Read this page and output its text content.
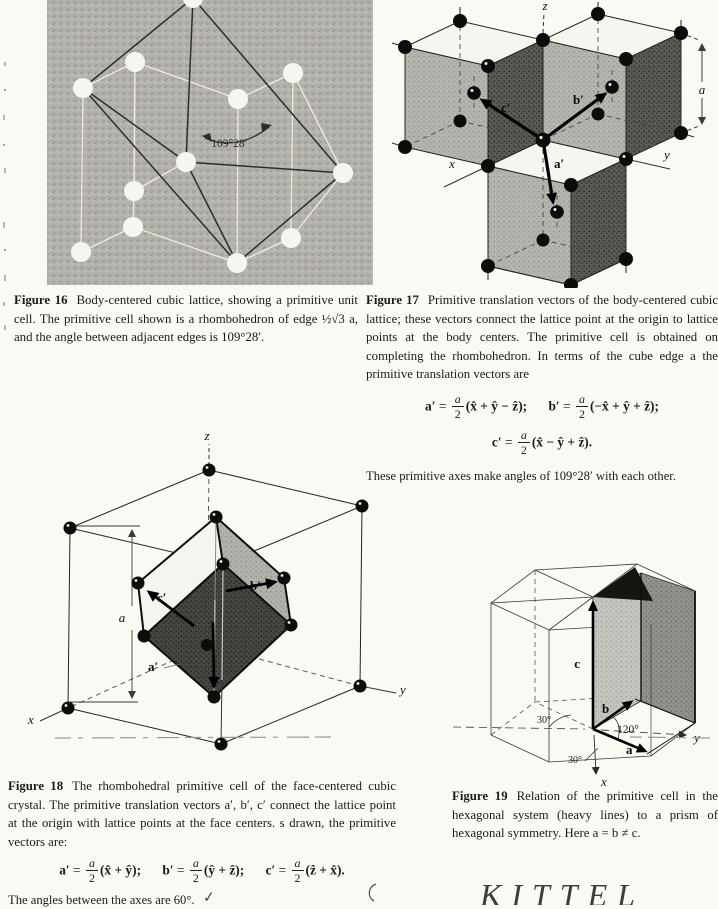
109°28'
z
x
y
a
b′
c′
a′
z
x
y
a
c′
a′
b′
c
b
a
120°
30°
30°
x

Figure 16 Body-centered cubic lattice, showing a primitive unit cell. The primitive cell shown is a rhombohedron of edge ½√3 a, and the angle between adjacent edges is 109°28′.

Figure 17 Primitive translation vectors of the body-centered cubic lattice; these vectors connect the lattice point at the origin to lattice points at the body centers. The primitive cell is obtained on completing the rhombohedron. In terms of the cube edge a the primitive translation vectors are

$a' = \frac{a}{2}$ (x̂ + ŷ − ẑ); $b' = \frac{a}{2}$ (−x̂ + ŷ + ẑ);
$c' = \frac{a}{2}$ (x̂ − ŷ + ẑ).

These primitive axes make angles of 109°28′ with each other.

Figure 18 The rhombohedral primitive cell of the face-centered cubic crystal. The primitive translation vectors a′, b′, c′ connect the lattice point at the origin with lattice points at the face centers. s drawn, the primitive vectors are:

$a' = \frac{a}{2}$ (x̂ + ŷ); $b' = \frac{a}{2}$ (ŷ + ẑ); $c' = \frac{a}{2}$ (ẑ + x̂).

The angles between the axes are 60°. ✓

Figure 19 Relation of the primitive cell in the hexagonal system (heavy lines) to a prism of hexagonal symmetry. Here a = b ≠ c.

KITTEL
